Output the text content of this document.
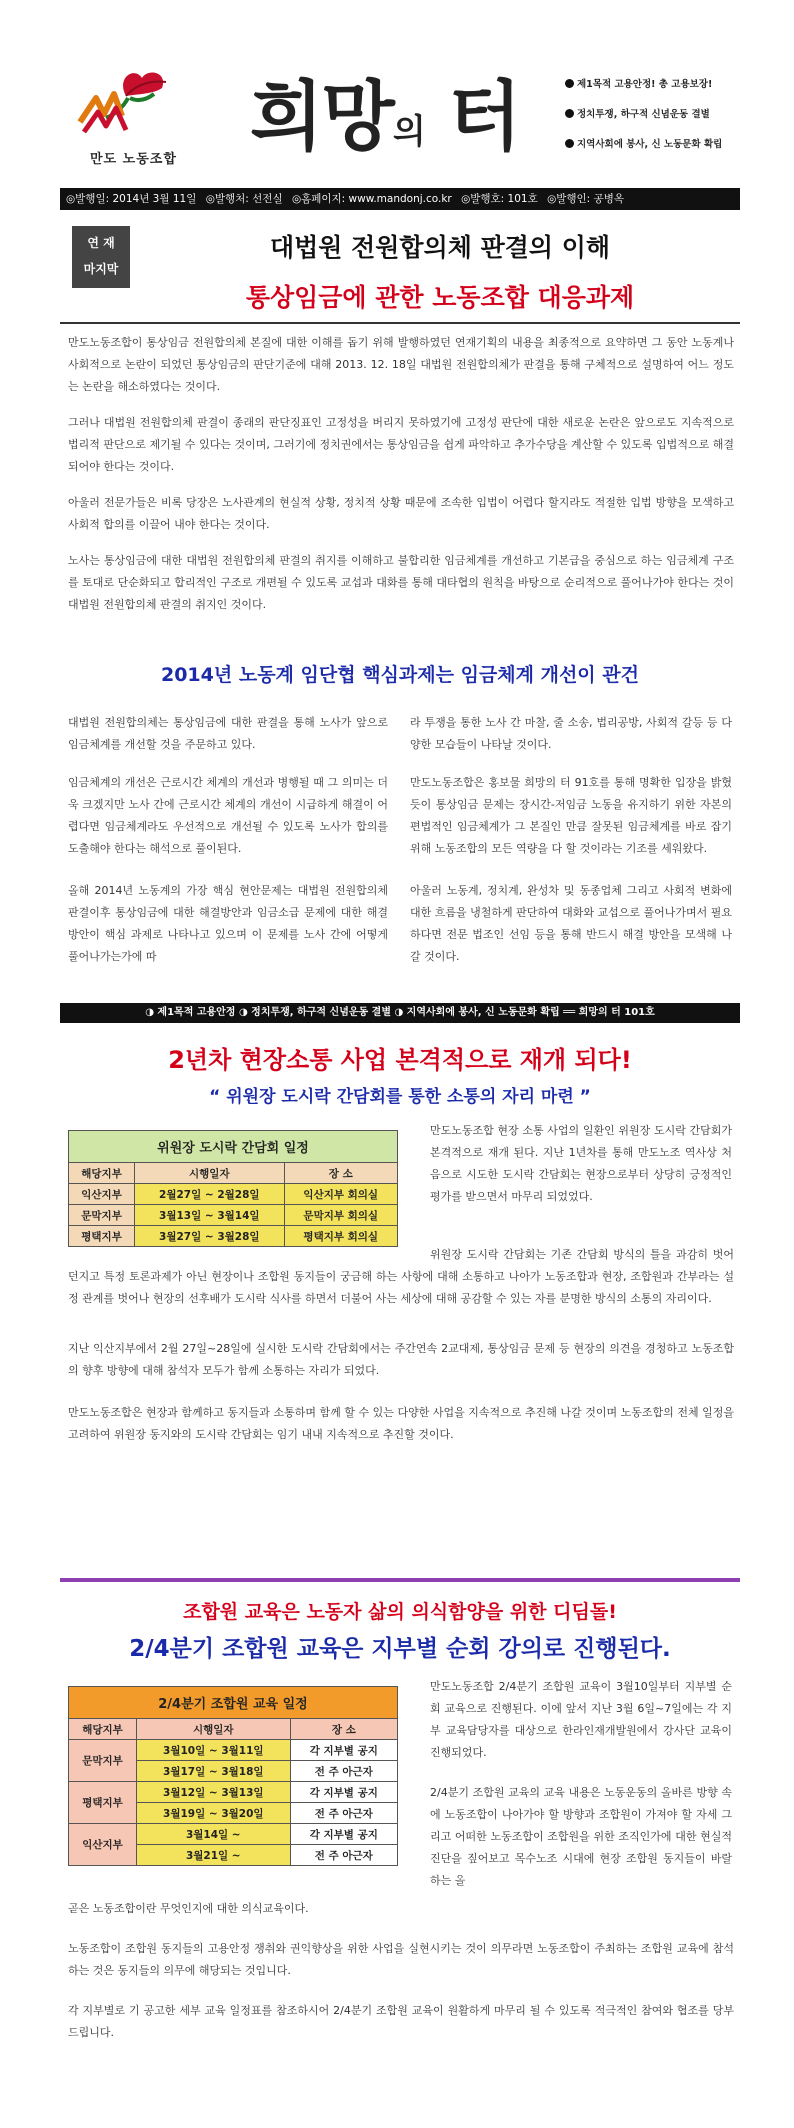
만도 노동조합 희망의 터	제1목적 고용안정! 총 고용보장!
정치투쟁, 하구적 신념운동 결별
지역사회에 봉사, 신 노동문화 확립
◎발행일: 2014년 3월 11일 ◎발행처: 선전실 ◎홈페이지: www.mandonj.co.kr ◎발행호: 101호 ◎발행인: 공병옥
연 재
마지막
대법원 전원합의체 판결의 이해
통상임금에 관한 노동조합 대응과제

만도노동조합이 통상임금 전원합의체 본질에 대한 이해를 돕기 위해 발행하였던 연재기획의 내용을 최종적으로 요약하면 그 동안 노동계나 사회적으로 논란이 되었던 통상임금의 판단기준에 대해 2013. 12. 18일 대법원 전원합의체가 판결을 통해 구체적으로 설명하여 어느 정도는 논란을 해소하였다는 것이다.

그러나 대법원 전원합의체 판결이 종래의 판단징표인 고정성을 버리지 못하였기에 고정성 판단에 대한 새로운 논란은 앞으로도 지속적으로 법리적 판단으로 제기될 수 있다는 것이며, 그러기에 정치권에서는 통상임금을 쉽게 파악하고 추가수당을 계산할 수 있도록 입법적으로 해결되어야 한다는 것이다.

아울러 전문가들은 비록 당장은 노사관계의 현실적 상황, 정치적 상황 때문에 조속한 입법이 어렵다 할지라도 적절한 입법 방향을 모색하고 사회적 합의를 이끌어 내야 한다는 것이다.

노사는 통상임금에 대한 대법원 전원합의체 판결의 취지를 이해하고 불합리한 임금체계를 개선하고 기본급을 중심으로 하는 임금체계 구조를 토대로 단순화되고 합리적인 구조로 개편될 수 있도록 교섭과 대화를 통해 대타협의 원칙을 바탕으로 순리적으로 풀어나가야 한다는 것이 대법원 전원합의체 판결의 취지인 것이다.

2014년 노동계 임단협 핵심과제는 임금체계 개선이 관건

대법원 전원합의체는 통상임금에 대한 판결을 통해 노사가 앞으로 임금체계를 개선할 것을 주문하고 있다.

임금체계의 개선은 근로시간 체계의 개선과 병행될 때 그 의미는 더욱 크겠지만 노사 간에 근로시간 체계의 개선이 시급하게 해결이 어렵다면 임금체계라도 우선적으로 개선될 수 있도록 노사가 합의를 도출해야 한다는 해석으로 풀이된다.

올해 2014년 노동계의 가장 핵심 현안문제는 대법원 전원합의체 판결이후 통상임금에 대한 해결방안과 임금소급 문제에 대한 해결 방안이 핵심 과제로 나타나고 있으며 이 문제를 노사 간에 어떻게 풀어나가는가에 따

라 투쟁을 통한 노사 간 마찰, 줄 소송, 법리공방, 사회적 갈등 등 다양한 모습들이 나타날 것이다.

만도노동조합은 홍보물 희망의 터 91호를 통해 명확한 입장을 밝혔듯이 통상임금 문제는 장시간-저임금 노동을 유지하기 위한 자본의 편법적인 임금체계가 그 본질인 만큼 잘못된 임금체계를 바로 잡기위해 노동조합의 모든 역량을 다 할 것이라는 기조를 세워왔다.

아울러 노동계, 정치계, 완성차 및 동종업체 그리고 사회적 변화에 대한 흐름을 냉철하게 판단하여 대화와 교섭으로 풀어나가며서 필요하다면 전문 법조인 선임 등을 통해 반드시 해결 방안을 모색해 나 갈 것이다.

◑ 제1목적 고용안정 ◑ 정치투쟁, 하구적 신념운동 결별 ◑ 지역사회에 봉사, 신 노동문화 확립 ══ 희망의 터 101호
2년차 현장소통 사업 본격적으로 재개 되다!
“ 위원장 도시락 간담회를 통한 소통의 자리 마련 ”
위원장 도시락 간담회 일정		
해당지부	시행일자	장 소
익산지부	2월27일 ~ 2월28일	익산지부 회의실
문막지부	3월13일 ~ 3월14일	문막지부 회의실
평택지부	3월27일 ~ 3월28일	평택지부 회의실

만도노동조합 현장 소통 사업의 일환인 위원장 도시락 간담회가 본격적으로 재개 된다. 지난 1년차를 통해 만도노조 역사상 처음으로 시도한 도시락 간담회는 현장으로부터 상당히 긍정적인 평가를 받으면서 마무리 되었었다.

위원장 도시락 간담회는 기존 간담회 방식의 틀을 과감히 벗어던지고 특정 토론과제가 아닌 현장이나 조합원 동지들이 궁금해 하는 사항에 대해 소통하고 나아가 노동조합과 현장, 조합원과 간부라는 설정 관계를 벗어나 현장의 선후배가 도시락 식사를 하면서 더불어 사는 세상에 대해 공감할 수 있는 자를 분명한 방식의 소통의 자리이다.

지난 익산지부에서 2월 27일~28일에 실시한 도시락 간담회에서는 주간연속 2교대제, 통상임금 문제 등 현장의 의견을 경청하고 노동조합의 향후 방향에 대해 참석자 모두가 함께 소통하는 자리가 되었다.

만도노동조합은 현장과 함께하고 동지들과 소통하며 함께 할 수 있는 다양한 사업을 지속적으로 추진해 나갈 것이며 노동조합의 전체 일정을 고려하여 위원장 동지와의 도시락 간담회는 임기 내내 지속적으로 추진할 것이다.

조합원 교육은 노동자 삶의 의식함양을 위한 디딤돌!
2/4분기 조합원 교육은 지부별 순회 강의로 진행된다.
2/4분기 조합원 교육 일정		
해당지부	시행일자	장 소
문막지부	3월10일 ~ 3월11일	각 지부별 공지
	3월17일 ~ 3월18일	전 주 아근자
평택지부	3월12일 ~ 3월13일	각 지부별 공지
	3월19일 ~ 3월20일	전 주 아근자
익산지부	3월14일 ~	각 지부별 공지
	3월21일 ~	전 주 아근자

만도노동조합 2/4분기 조합원 교육이 3월10일부터 지부별 순회 교육으로 진행된다. 이에 앞서 지난 3월 6일~7일에는 각 지부 교육담당자를 대상으로 한라인재개발원에서 강사단 교육이 진행되었다.

2/4분기 조합원 교육의 교육 내용은 노동운동의 올바른 방향 속에 노동조합이 나아가야 할 방향과 조합원이 가져야 할 자세 그리고 어떠한 노동조합이 조합원을 위한 조직인가에 대한 현실적 진단을 짚어보고 목수노조 시대에 현장 조합원 동지들이 바랄 하는 올

곧은 노동조합이란 무엇인지에 대한 의식교육이다.

노동조합이 조합원 동지들의 고용안정 쟁취와 권익향상을 위한 사업을 실현시키는 것이 의무라면 노동조합이 주최하는 조합원 교육에 참석하는 것은 동지들의 의무에 해당되는 것입니다.

각 지부별로 기 공고한 세부 교육 일정표를 참조하시어 2/4분기 조합원 교육이 원활하게 마무리 될 수 있도록 적극적인 참여와 협조를 당부 드립니다.
